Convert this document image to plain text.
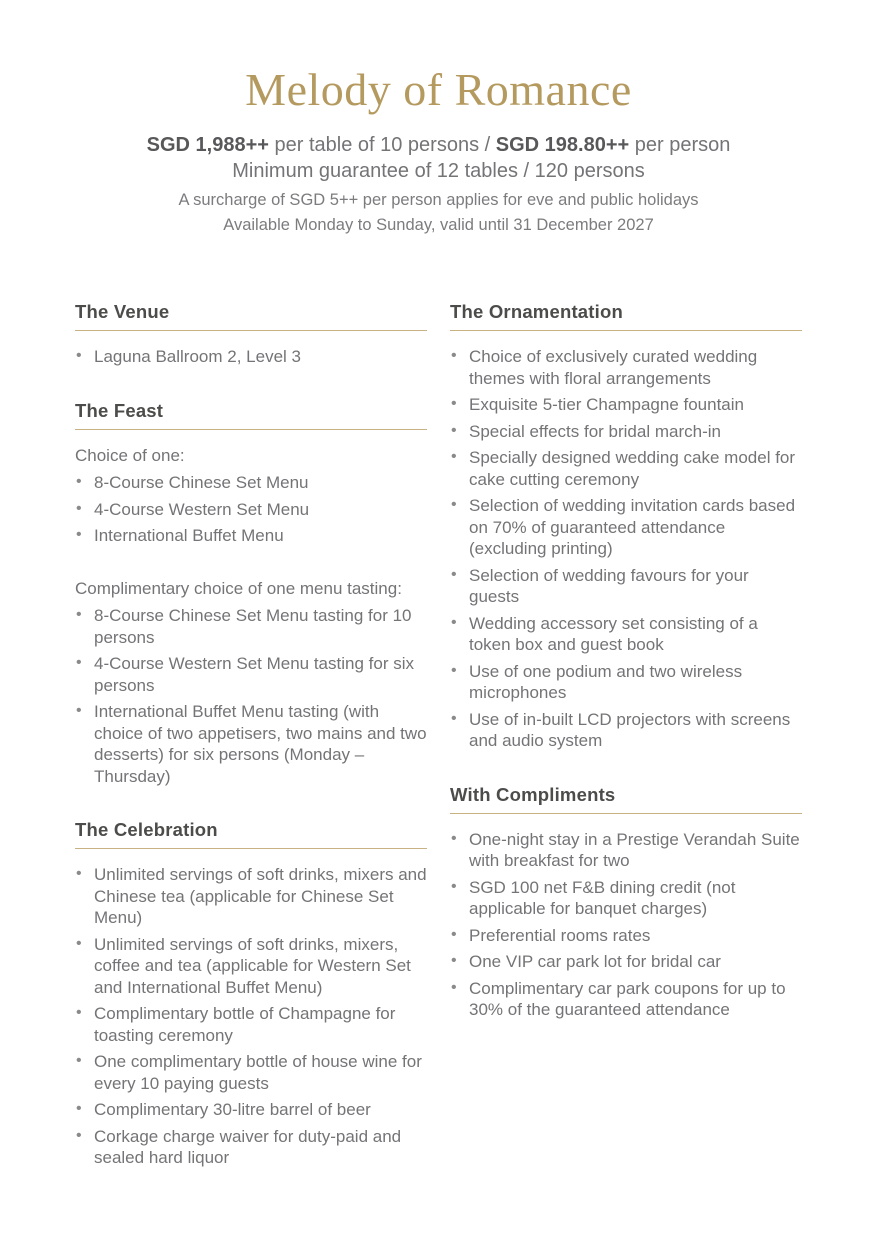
Melody of Romance

SGD 1,988++ per table of 10 persons / SGD 198.80++ per person

Minimum guarantee of 12 tables / 120 persons

A surcharge of SGD 5++ per person applies for eve and public holidays

Available Monday to Sunday, valid until 31 December 2027

The Venue
• Laguna Ballroom 2, Level 3
The Feast

Choice of one:

• 8-Course Chinese Set Menu
• 4-Course Western Set Menu
• International Buffet Menu

Complimentary choice of one menu tasting:

• 8-Course Chinese Set Menu tasting for 10 persons
• 4-Course Western Set Menu tasting for six persons
• International Buffet Menu tasting (with choice of two appetisers, two mains and two desserts) for six persons (Monday – Thursday)
The Celebration
• Unlimited servings of soft drinks, mixers and Chinese tea (applicable for Chinese Set Menu)
• Unlimited servings of soft drinks, mixers, coffee and tea (applicable for Western Set and International Buffet Menu)
• Complimentary bottle of Champagne for toasting ceremony
• One complimentary bottle of house wine for every 10 paying guests
• Complimentary 30-litre barrel of beer
• Corkage charge waiver for duty-paid and sealed hard liquor
The Ornamentation
• Choice of exclusively curated wedding themes with floral arrangements
• Exquisite 5-tier Champagne fountain
• Special effects for bridal march-in
• Specially designed wedding cake model for cake cutting ceremony
• Selection of wedding invitation cards based on 70% of guaranteed attendance (excluding printing)
• Selection of wedding favours for your guests
• Wedding accessory set consisting of a token box and guest book
• Use of one podium and two wireless microphones
• Use of in-built LCD projectors with screens and audio system
With Compliments
• One-night stay in a Prestige Verandah Suite with breakfast for two
• SGD 100 net F&B dining credit (not applicable for banquet charges)
• Preferential rooms rates
• One VIP car park lot for bridal car
• Complimentary car park coupons for up to 30% of the guaranteed attendance
